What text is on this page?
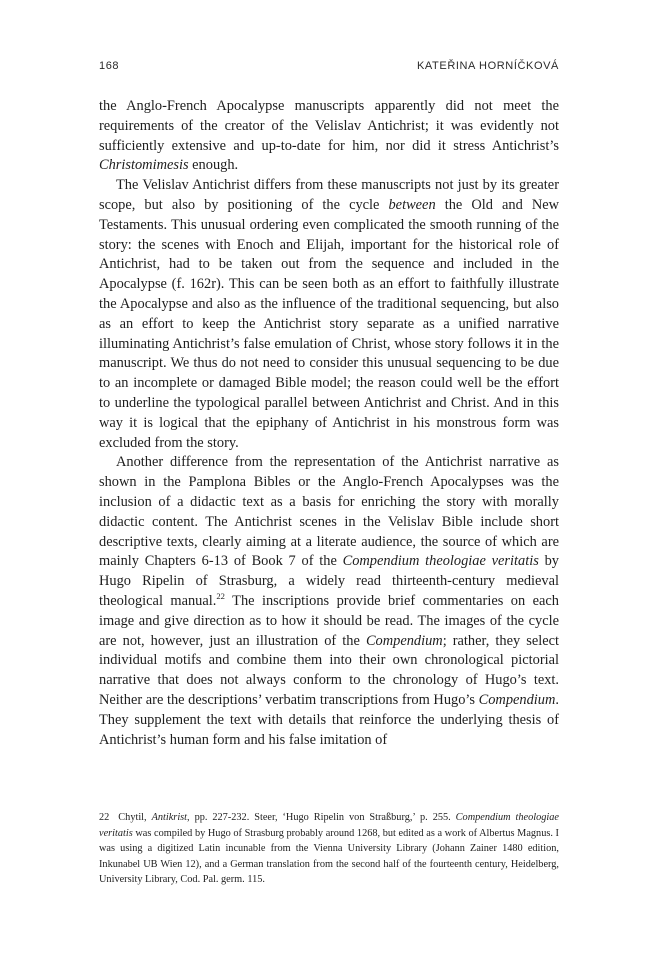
168	KATEŘINA HORNÍČKOVÁ

the Anglo-French Apocalypse manuscripts apparently did not meet the requirements of the creator of the Velislav Antichrist; it was evidently not sufficiently extensive and up-to-date for him, nor did it stress Antichrist’s Christomimesis enough.

The Velislav Antichrist differs from these manuscripts not just by its greater scope, but also by positioning of the cycle between the Old and New Testaments. This unusual ordering even complicated the smooth running of the story: the scenes with Enoch and Elijah, important for the historical role of Antichrist, had to be taken out from the sequence and included in the Apocalypse (f. 162r). This can be seen both as an effort to faithfully illustrate the Apocalypse and also as the influence of the traditional sequencing, but also as an effort to keep the Antichrist story separate as a unified narrative illuminating Antichrist’s false emulation of Christ, whose story follows it in the manuscript. We thus do not need to consider this unusual sequencing to be due to an incomplete or damaged Bible model; the reason could well be the effort to underline the typological parallel between Antichrist and Christ. And in this way it is logical that the epiphany of Antichrist in his monstrous form was excluded from the story.

Another difference from the representation of the Antichrist narrative as shown in the Pamplona Bibles or the Anglo-French Apocalypses was the inclusion of a didactic text as a basis for enriching the story with morally didactic content. The Antichrist scenes in the Velislav Bible include short descriptive texts, clearly aiming at a literate audience, the source of which are mainly Chapters 6-13 of Book 7 of the Compendium theologiae veritatis by Hugo Ripelin of Strasburg, a widely read thirteenth-century medieval theological manual.$^{22}$ The inscriptions provide brief commentaries on each image and give direction as to how it should be read. The images of the cycle are not, however, just an illustration of the Compendium; rather, they select individual motifs and combine them into their own chronological pictorial narrative that does not always conform to the chronology of Hugo’s text. Neither are the descriptions’ verbatim transcriptions from Hugo’s Compendium. They supplement the text with details that reinforce the underlying thesis of Antichrist’s human form and his false imitation of

22 Chytil, Antikrist, pp. 227-232. Steer, ‘Hugo Ripelin von Straßburg,’ p. 255. Compendium theologiae veritatis was compiled by Hugo of Strasburg probably around 1268, but edited as a work of Albertus Magnus. I was using a digitized Latin incunable from the Vienna University Library (Johann Zainer 1480 edition, Inkunabel UB Wien 12), and a German translation from the second half of the fourteenth century, Heidelberg, University Library, Cod. Pal. germ. 115.
